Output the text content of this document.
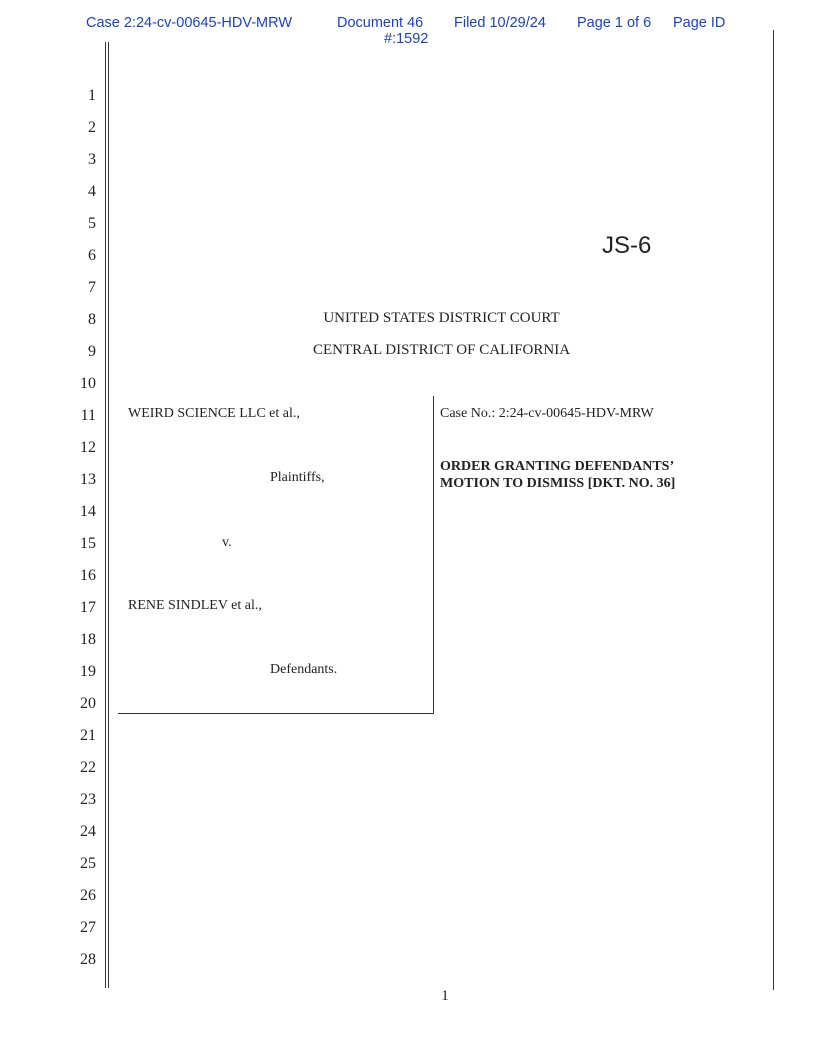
Case 2:24-cv-00645-HDV-MRW	Document 46
#:1592
Filed 10/29/24 Page 1 of 6 Page ID
1
2
3
4
5
6
7
8
9
10
11
12
13
14
15
16
17
18
19
20
21
22
23
24
25
26
27
28
JS-6
UNITED STATES DISTRICT COURT
CENTRAL DISTRICT OF CALIFORNIA
WEIRD SCIENCE LLC et al.,
Plaintiffs,
v.
RENE SINDLEV et al.,
Defendants.
Case No.: 2:24-cv-00645-HDV-MRW
ORDER GRANTING DEFENDANTS’
MOTION TO DISMISS [DKT. NO. 36]
1
